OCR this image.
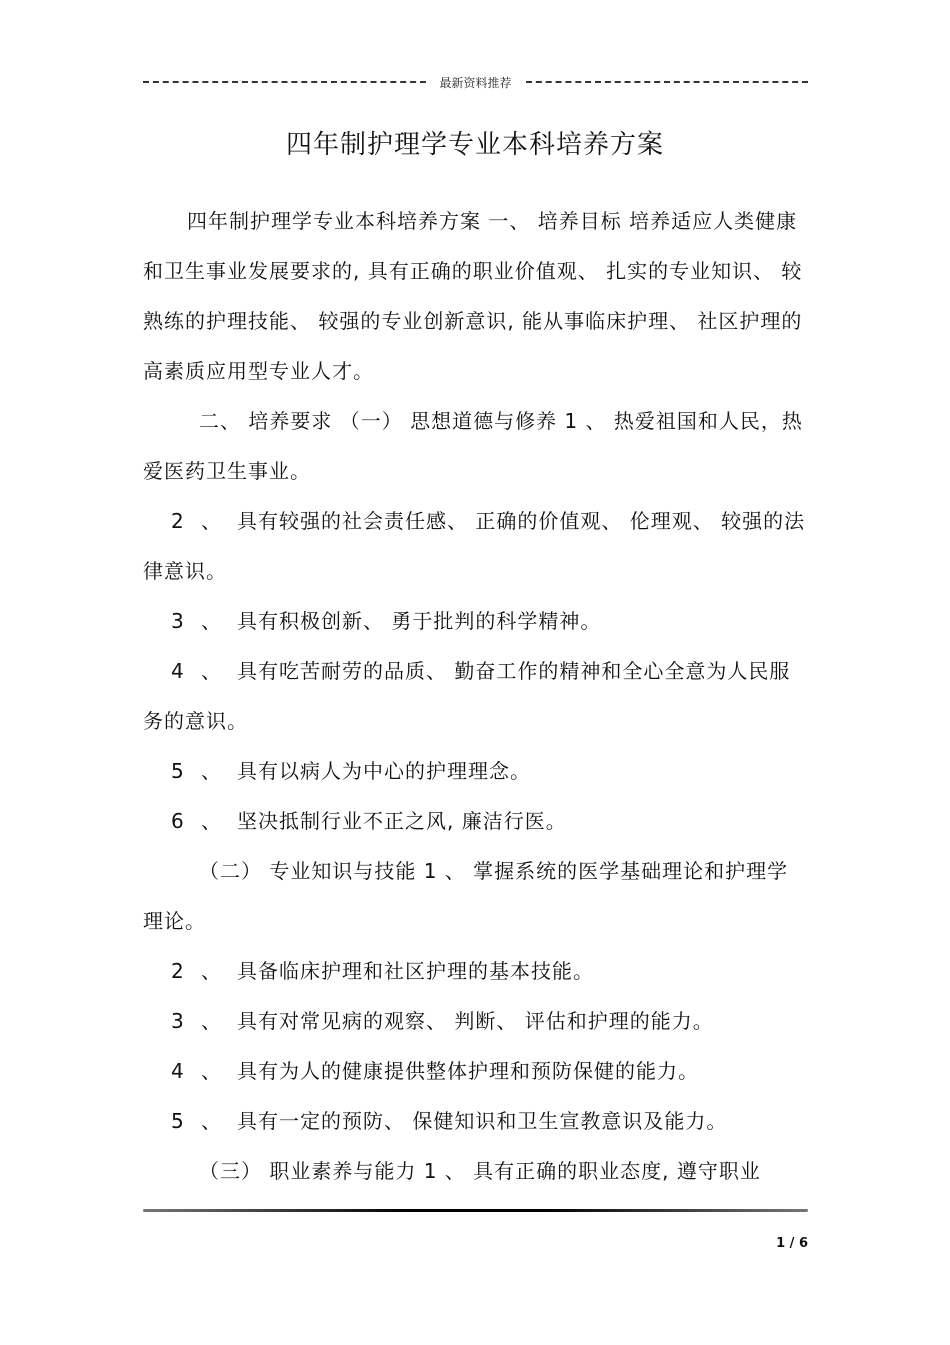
最新资料推荐
四年制护理学专业本科培养方案

四年制护理学专业本科培养方案 一、 培养目标 培养适应人类健康和卫生事业发展要求的, 具有正确的职业价值观、 扎实的专业知识、 较熟练的护理技能、 较强的专业创新意识, 能从事临床护理、 社区护理的高素质应用型专业人才。

二、 培养要求 （一） 思想道德与修养 1 、 热爱祖国和人民，热爱医药卫生事业。

2 、 具有较强的社会责任感、 正确的价值观、 伦理观、 较强的法律意识。

3 、 具有积极创新、 勇于批判的科学精神。

4 、 具有吃苦耐劳的品质、 勤奋工作的精神和全心全意为人民服务的意识。

5 、 具有以病人为中心的护理理念。

6 、 坚决抵制行业不正之风, 廉洁行医。

（二） 专业知识与技能 1 、 掌握系统的医学基础理论和护理学理论。

2 、 具备临床护理和社区护理的基本技能。

3 、 具有对常见病的观察、 判断、 评估和护理的能力。

4 、 具有为人的健康提供整体护理和预防保健的能力。

5 、 具有一定的预防、 保健知识和卫生宣教意识及能力。

（三） 职业素养与能力 1 、 具有正确的职业态度, 遵守职业

1 / 6
